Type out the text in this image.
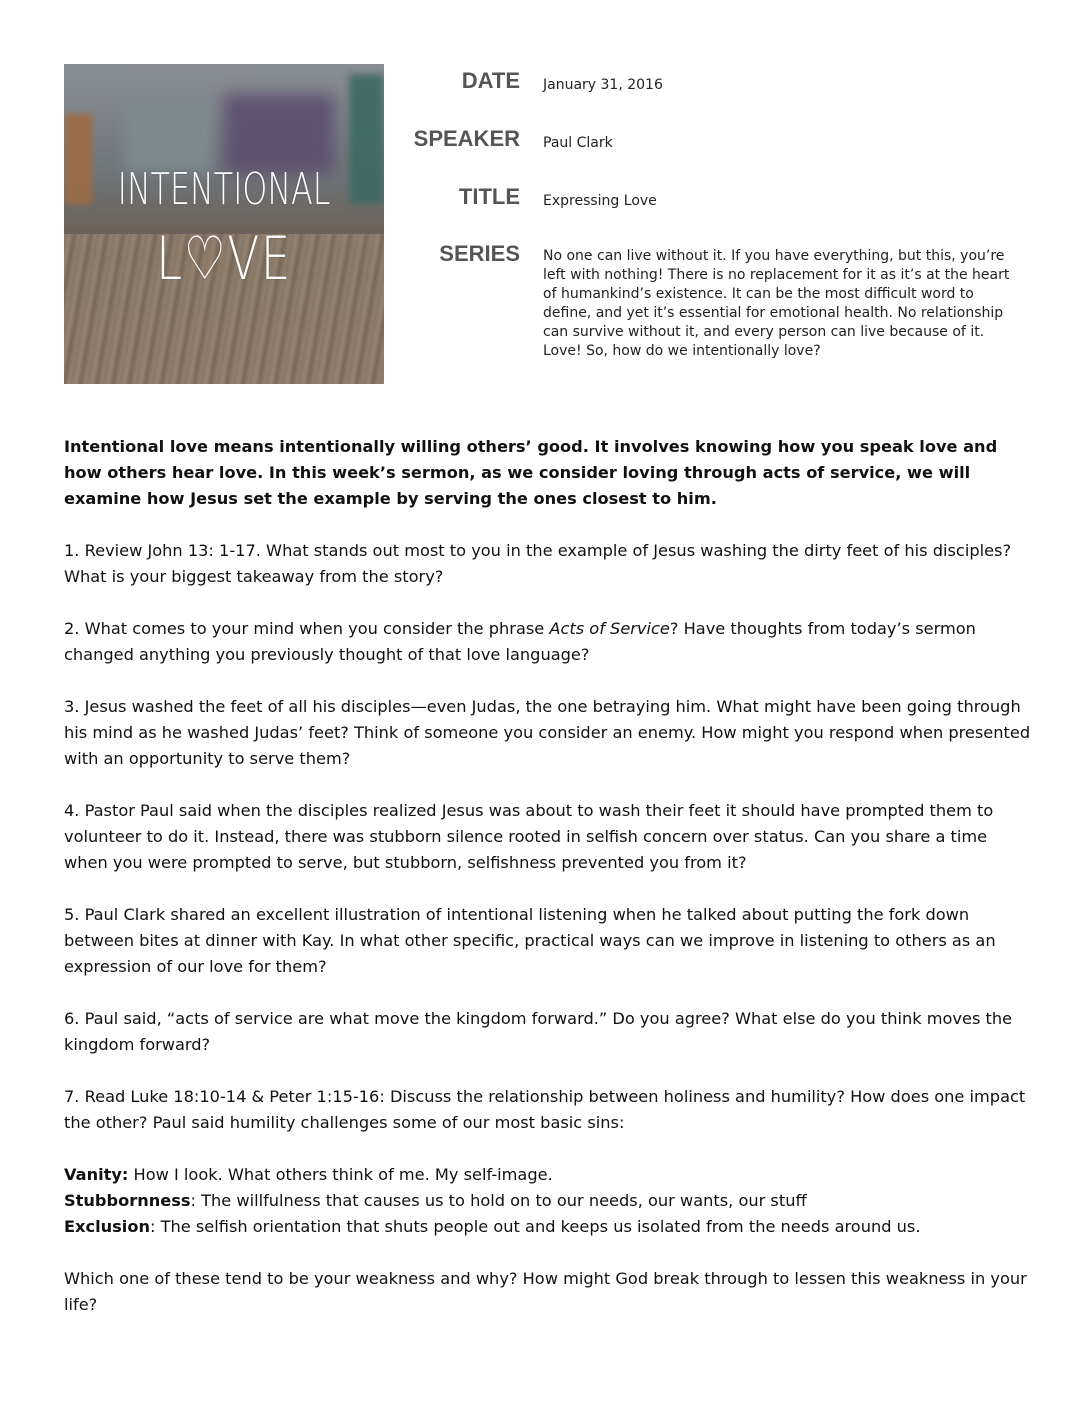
INTENTIONAL
L♡VE
DATE January 31, 2016
SPEAKER Paul Clark
TITLE Expressing Love
SERIES No one can live without it. If you have everything, but this, you’re left with nothing! There is no replacement for it as it’s at the heart of humankind’s existence. It can be the most difficult word to define, and yet it’s essential for emotional health. No relationship can survive without it, and every person can live because of it. Love! So, how do we intentionally love?

Intentional love means intentionally willing others’ good. It involves knowing how you speak love and how others hear love. In this week’s sermon, as we consider loving through acts of service, we will examine how Jesus set the example by serving the ones closest to him.

1. Review John 13: 1-17. What stands out most to you in the example of Jesus washing the dirty feet of his disciples? What is your biggest takeaway from the story?

2. What comes to your mind when you consider the phrase Acts of Service? Have thoughts from today’s sermon changed anything you previously thought of that love language?

3. Jesus washed the feet of all his disciples—even Judas, the one betraying him. What might have been going through his mind as he washed Judas’ feet? Think of someone you consider an enemy. How might you respond when presented with an opportunity to serve them?

4. Pastor Paul said when the disciples realized Jesus was about to wash their feet it should have prompted them to volunteer to do it. Instead, there was stubborn silence rooted in selfish concern over status. Can you share a time when you were prompted to serve, but stubborn, selfishness prevented you from it?

5. Paul Clark shared an excellent illustration of intentional listening when he talked about putting the fork down between bites at dinner with Kay. In what other specific, practical ways can we improve in listening to others as an expression of our love for them?

6. Paul said, “acts of service are what move the kingdom forward.” Do you agree? What else do you think moves the kingdom forward?

7. Read Luke 18:10-14 & Peter 1:15-16: Discuss the relationship between holiness and humility? How does one impact the other? Paul said humility challenges some of our most basic sins:

Vanity: How I look. What others think of me. My self-image.

Stubbornness: The willfulness that causes us to hold on to our needs, our wants, our stuff

Exclusion: The selfish orientation that shuts people out and keeps us isolated from the needs around us.

Which one of these tend to be your weakness and why? How might God break through to lessen this weakness in your life?
